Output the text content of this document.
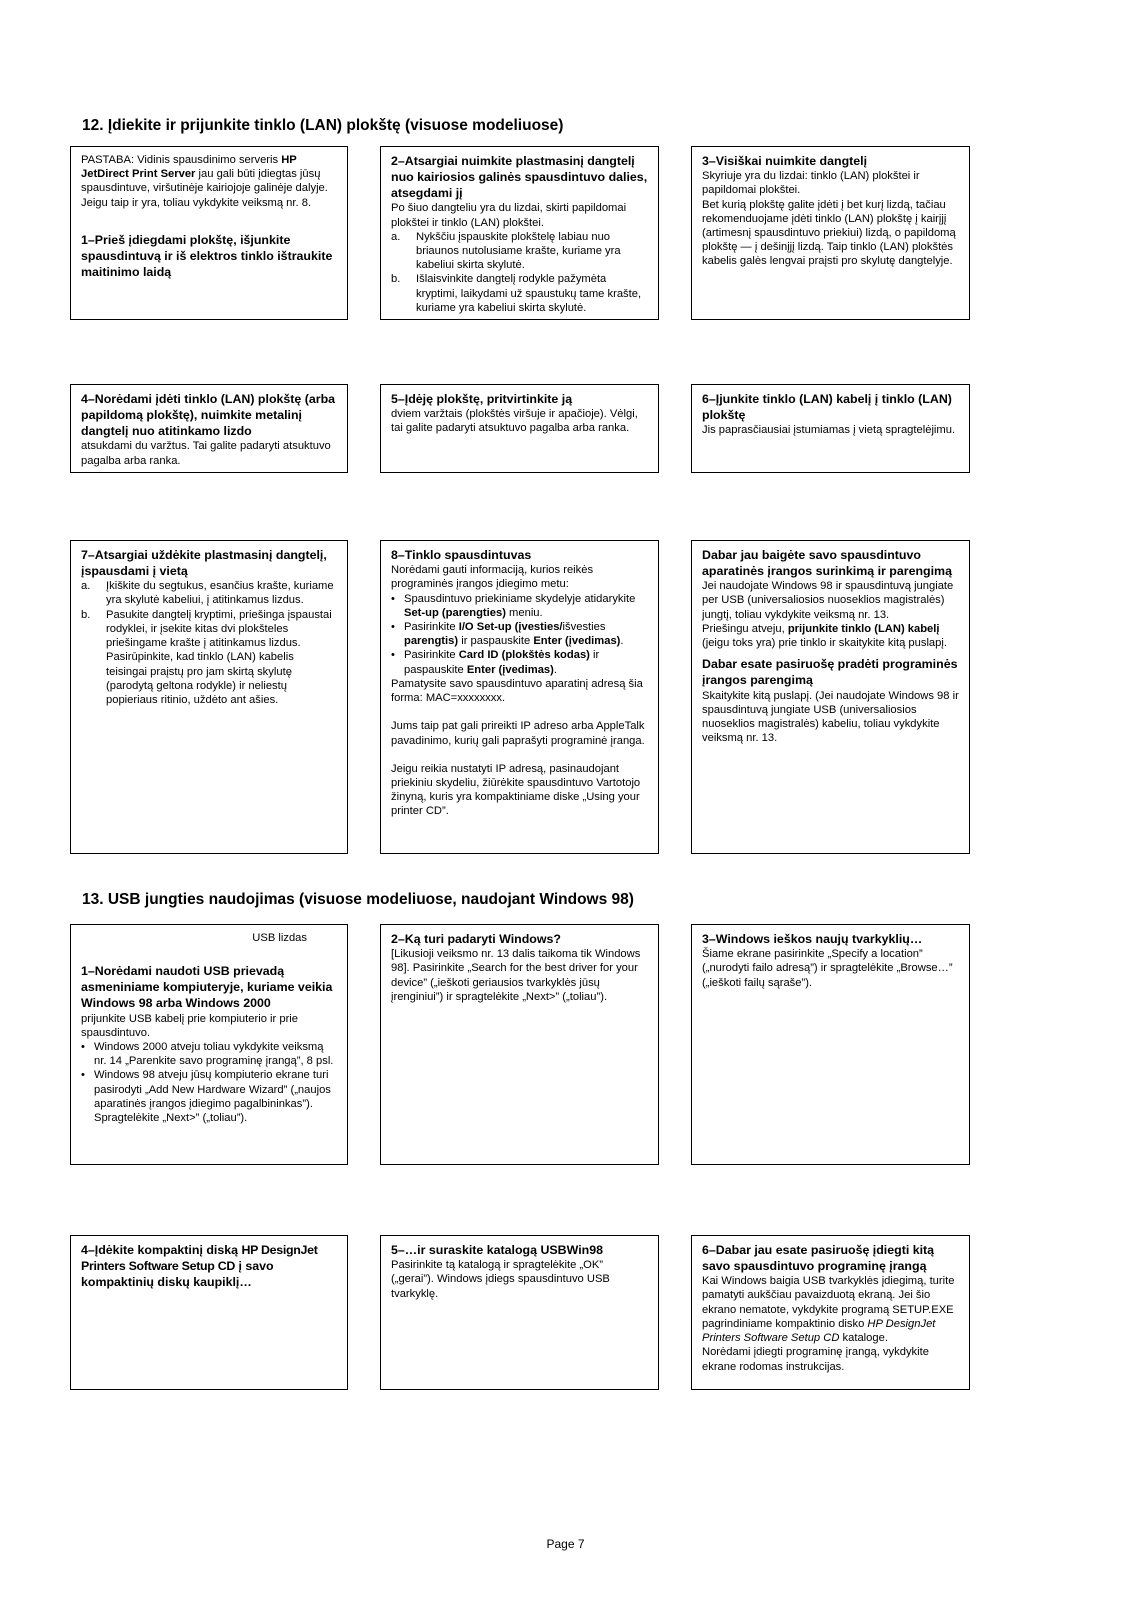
12. Įdiekite ir prijunkite tinklo (LAN) plokštę (visuose modeliuose)

PASTABA: Vidinis spausdinimo serveris HP JetDirect Print Server jau gali būti įdiegtas jūsų spausdintuve, viršutinėje kairiojoje galinėje dalyje. Jeigu taip ir yra, toliau vykdykite veiksmą nr. 8.

1–Prieš įdiegdami plokštę, išjunkite spausdintuvą ir iš elektros tinklo ištraukite maitinimo laidą

2–Atsargiai nuimkite plastmasinį dangtelį nuo kairiosios galinės spausdintuvo dalies, atsegdami jį

Po šiuo dangteliu yra du lizdai, skirti papildomai plokštei ir tinklo (LAN) plokštei.

a.	Nykščiu įspauskite plokštelę labiau nuo briaunos nutolusiame krašte, kuriame yra kabeliui skirta skylutė.
b.	Išlaisvinkite dangtelį rodykle pažymėta kryptimi, laikydami už spaustukų tame krašte, kuriame yra kabeliui skirta skylutė.

3–Visiškai nuimkite dangtelį

Skyriuje yra du lizdai: tinklo (LAN) plokštei ir papildomai plokštei.

Bet kurią plokštę galite įdėti į bet kurį lizdą, tačiau rekomenduojame įdėti tinklo (LAN) plokštę į kairįjį (artimesnį spausdintuvo priekiui) lizdą, o papildomą plokštę — į dešinįjį lizdą. Taip tinklo (LAN) plokštės kabelis galės lengvai praįsti pro skylutę dangtelyje.

4–Norėdami įdėti tinklo (LAN) plokštę (arba papildomą plokštę), nuimkite metalinį dangtelį nuo atitinkamo lizdo

atsukdami du varžtus. Tai galite padaryti atsuktuvo pagalba arba ranka.

5–Įdėję plokštę, pritvirtinkite ją

dviem varžtais (plokštės viršuje ir apačioje). Vėlgi, tai galite padaryti atsuktuvo pagalba arba ranka.

6–Įjunkite tinklo (LAN) kabelį į tinklo (LAN) plokštę

Jis paprasčiausiai įstumiamas į vietą spragtelėjimu.

7–Atsargiai uždėkite plastmasinį dangtelį, įspausdami į vietą

a.	Įkiškite du segtukus, esančius krašte, kuriame yra skylutė kabeliui, į atitinkamus lizdus.
b.	Pasukite dangtelį kryptimi, priešinga įspaustai rodyklei, ir įsekite kitas dvi plokšteles priešingame krašte į atitinkamus lizdus. Pasirūpinkite, kad tinklo (LAN) kabelis teisingai praįstų pro jam skirtą skylutę (parodytą geltona rodykle) ir neliestų popieriaus ritinio, uždėto ant ašies.

8–Tinklo spausdintuvas

Norėdami gauti informaciją, kurios reikės programinės įrangos įdiegimo metu:

• Spausdintuvo priekiniame skydelyje atidarykite Set-up (parengties) meniu.
• Pasirinkite I/O Set-up (įvesties/išvesties parengtis) ir paspauskite Enter (įvedimas).
• Pasirinkite Card ID (plokštės kodas) ir paspauskite Enter (įvedimas).

Pamatysite savo spausdintuvo aparatinį adresą šia forma: MAC=xxxxxxxx.

Jums taip pat gali prireikti IP adreso arba AppleTalk pavadinimo, kurių gali paprašyti programinė įranga.

Jeigu reikia nustatyti IP adresą, pasinaudojant priekiniu skydeliu, žiūrėkite spausdintuvo Vartotojo žinyną, kuris yra kompaktiniame diske „Using your printer CD”.

Dabar jau baigėte savo spausdintuvo aparatinės įrangos surinkimą ir parengimą

Jei naudojate Windows 98 ir spausdintuvą jungiate per USB (universaliosios nuoseklios magistralės) jungtį, toliau vykdykite veiksmą nr. 13.

Priešingu atveju, prijunkite tinklo (LAN) kabelį (jeigu toks yra) prie tinklo ir skaitykite kitą puslapį.

Dabar esate pasiruošę pradėti programinės įrangos parengimą

Skaitykite kitą puslapį. (Jei naudojate Windows 98 ir spausdintuvą jungiate USB (universaliosios nuoseklios magistralės) kabeliu, toliau vykdykite veiksmą nr. 13.

13. USB jungties naudojimas (visuose modeliuose, naudojant Windows 98)

USB lizdas

1–Norėdami naudoti USB prievadą asmeniniame kompiuteryje, kuriame veikia Windows 98 arba Windows 2000

prijunkite USB kabelį prie kompiuterio ir prie spausdintuvo.

• Windows 2000 atveju toliau vykdykite veiksmą nr. 14 „Parenkite savo programinę įrangą”, 8 psl.
• Windows 98 atveju jūsų kompiuterio ekrane turi pasirodyti „Add New Hardware Wizard” („naujos aparatinės įrangos įdiegimo pagalbininkas”). Spragtelėkite „Next>” („toliau”).

2–Ką turi padaryti Windows?

[Likusioji veiksmo nr. 13 dalis taikoma tik Windows 98]. Pasirinkite „Search for the best driver for your device” („ieškoti geriausios tvarkyklės jūsų įrenginiui”) ir spragtelėkite „Next>” („toliau”).

3–Windows ieškos naujų tvarkyklių…

Šiame ekrane pasirinkite „Specify a location” („nurodyti failo adresą”) ir spragtelėkite „Browse…” („ieškoti failų sąraše”).

4–Įdėkite kompaktinį diską HP DesignJet Printers Software Setup CD į savo kompaktinių diskų kaupiklį…

5–…ir suraskite katalogą USBWin98

Pasirinkite tą katalogą ir spragtelėkite „OK” („gerai”). Windows įdiegs spausdintuvo USB tvarkyklę.

6–Dabar jau esate pasiruošę įdiegti kitą savo spausdintuvo programinę įrangą

Kai Windows baigia USB tvarkyklės įdiegimą, turite pamatyti aukščiau pavaizduotą ekraną. Jei šio ekrano nematote, vykdykite programą SETUP.EXE pagrindiniame kompaktinio disko HP DesignJet Printers Software Setup CD kataloge.

Norėdami įdiegti programinę įrangą, vykdykite ekrane rodomas instrukcijas.

Page 7
